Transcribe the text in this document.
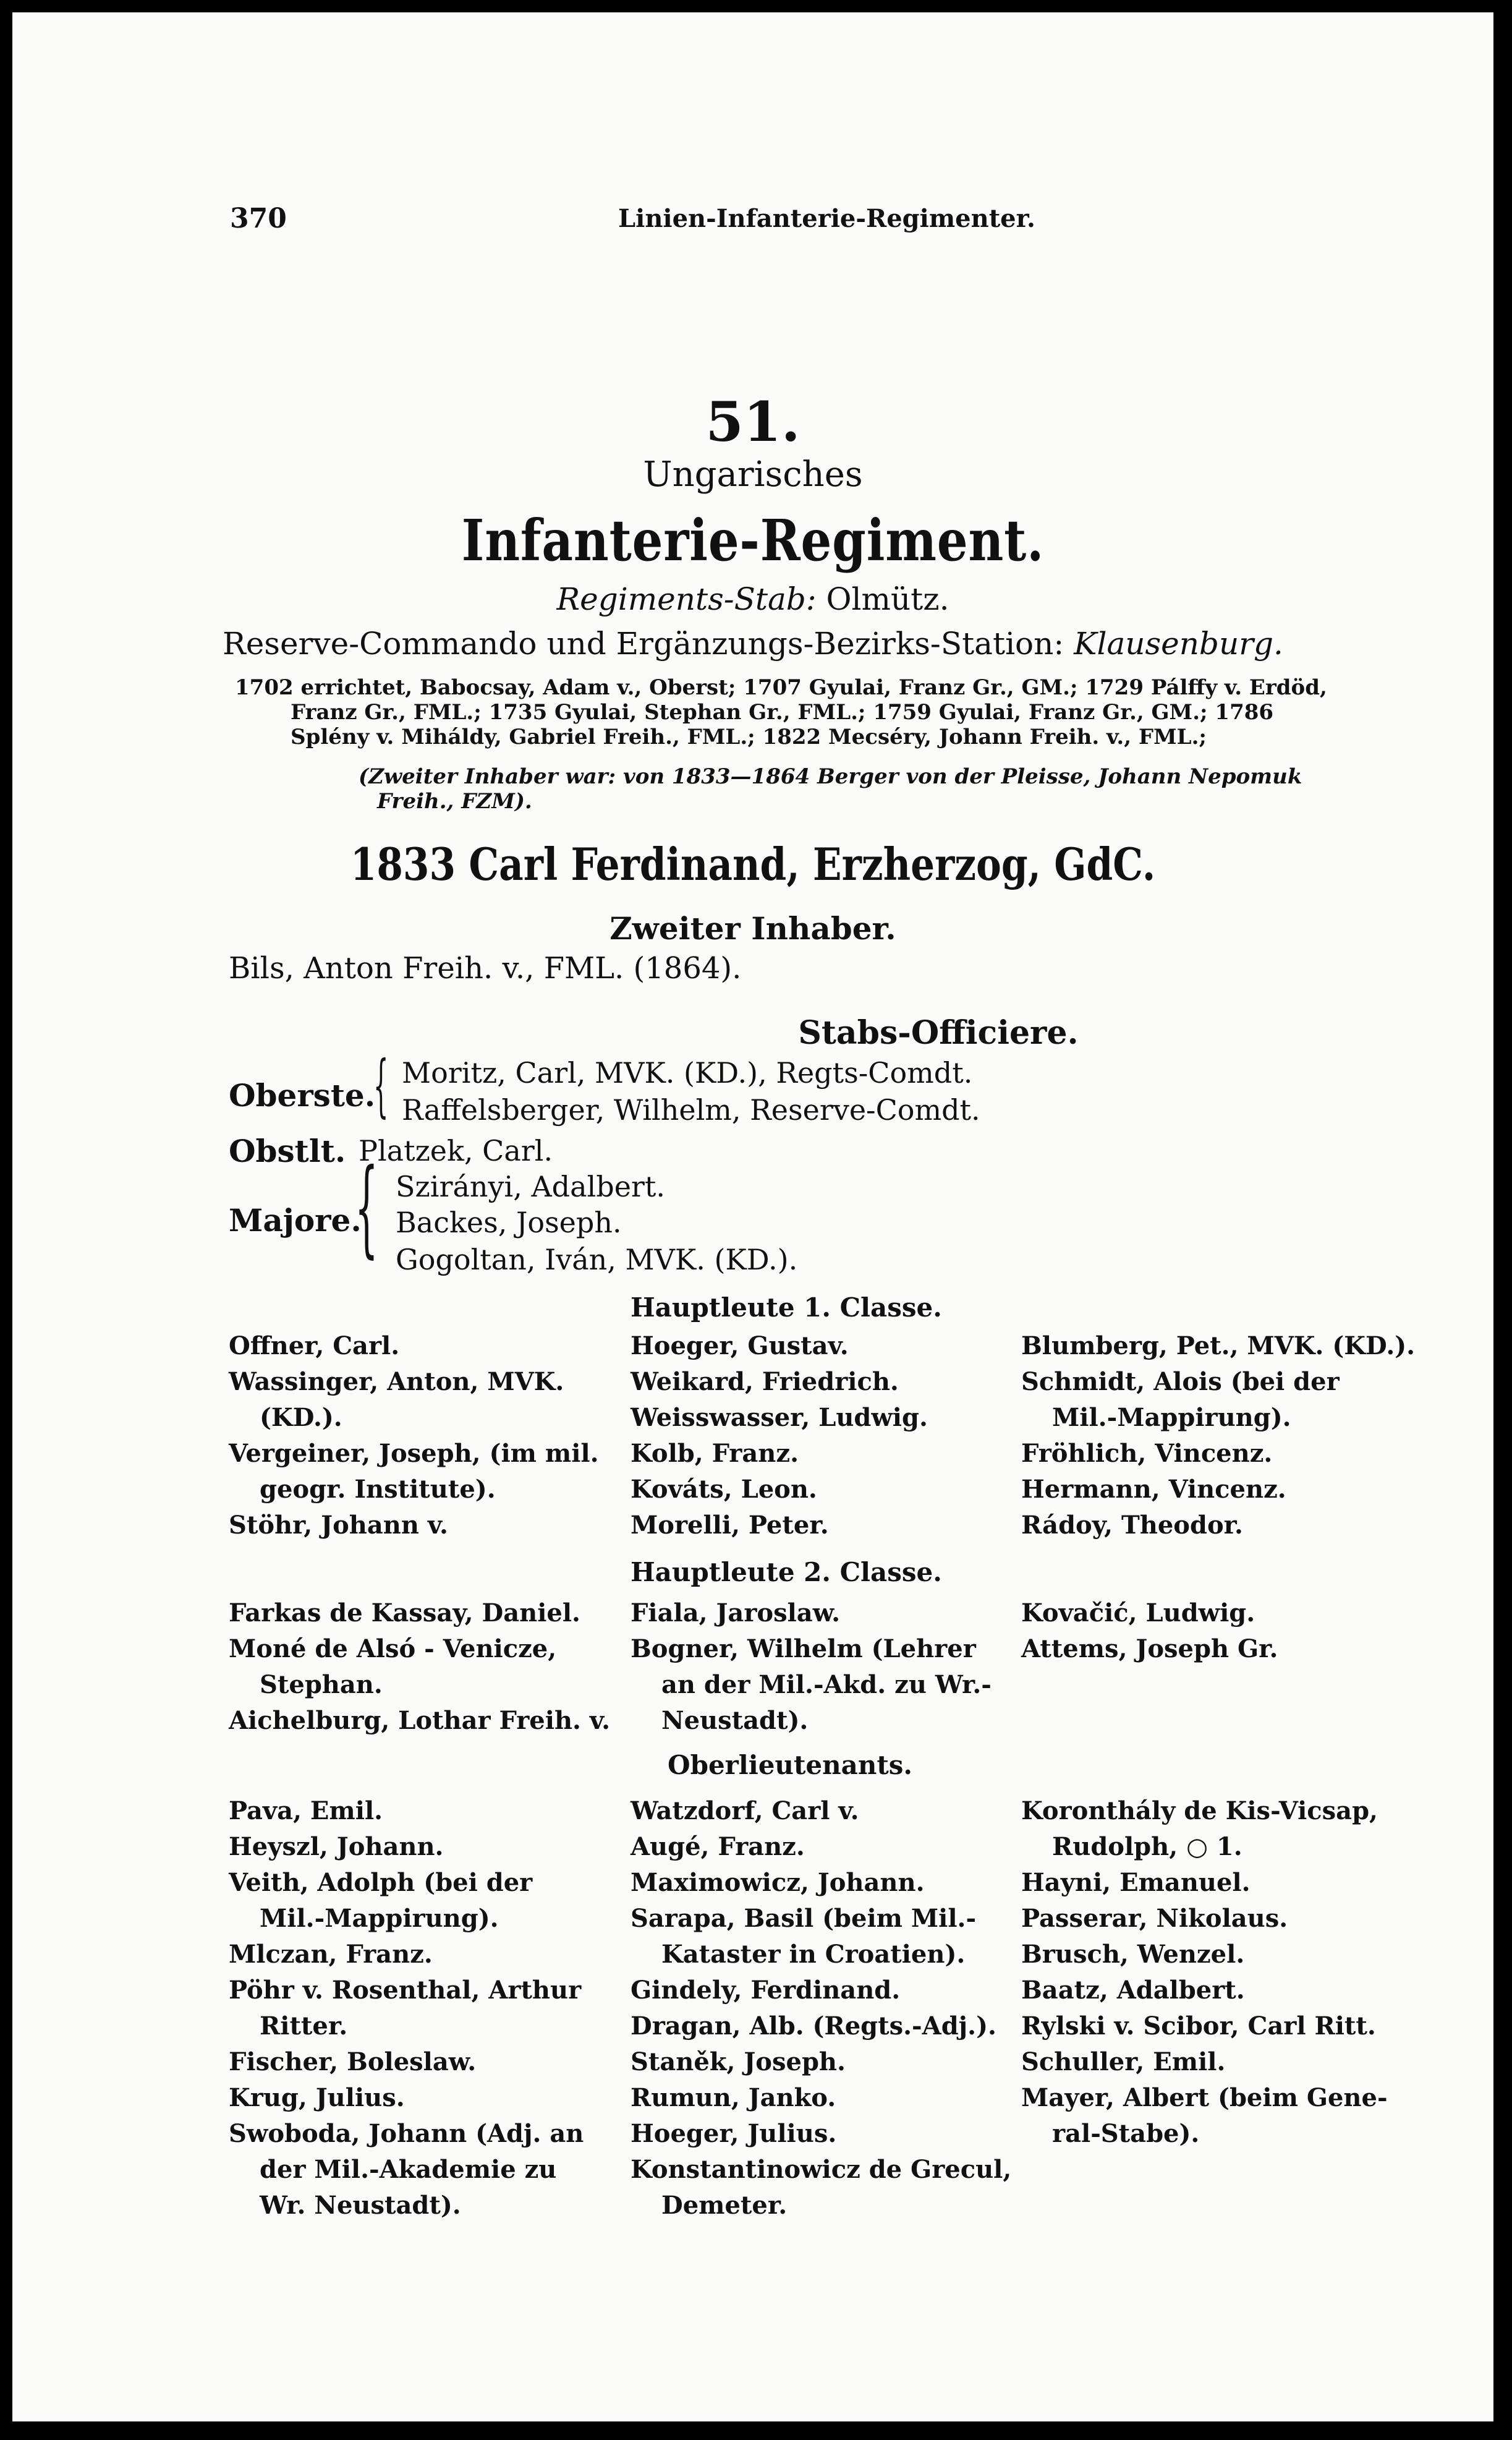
370	Linien-Infanterie-Regimenter.
51.
Ungarisches
Infanterie-Regiment.
Regiments-Stab: Olmütz.
Reserve-Commando und Ergänzungs-Bezirks-Station: Klausenburg.
1702 errichtet, Babocsay, Adam v., Oberst; 1707 Gyulai, Franz Gr., GM.; 1729 Pálffy v. Erdöd,
Franz Gr., FML.; 1735 Gyulai, Stephan Gr., FML.; 1759 Gyulai, Franz Gr., GM.; 1786
Splény v. Miháldy, Gabriel Freih., FML.; 1822 Mecséry, Johann Freih. v., FML.;
(Zweiter Inhaber war: von 1833—1864 Berger von der Pleisse, Johann Nepomuk
Freih., FZM).
1833 Carl Ferdinand, Erzherzog, GdC.
Zweiter Inhaber.
Bils, Anton Freih. v., FML. (1864).
Stabs-Officiere.
Oberste.
{ Moritz, Carl, MVK. (KD.), Regts-Comdt.
Raffelsberger, Wilhelm, Reserve-Comdt.
Obstlt. Platzek, Carl.
Majore.
{ Szirányi, Adalbert.
Backes, Joseph.
Gogoltan, Iván, MVK. (KD.).
Hauptleute 1. Classe.
Offner, Carl.
Wassinger, Anton, MVK.
(KD.).
Vergeiner, Joseph, (im mil.
geogr. Institute).
Stöhr, Johann v.
Hoeger, Gustav.
Weikard, Friedrich.
Weisswasser, Ludwig.
Kolb, Franz.
Kováts, Leon.
Morelli, Peter.
Blumberg, Pet., MVK. (KD.).
Schmidt, Alois (bei der
Mil.-Mappirung).
Fröhlich, Vincenz.
Hermann, Vincenz.
Rádoy, Theodor.
Hauptleute 2. Classe.
Farkas de Kassay, Daniel.
Moné de Alsó - Venicze,
Stephan.
Aichelburg, Lothar Freih. v.
Fiala, Jaroslaw.
Bogner, Wilhelm (Lehrer
an der Mil.-Akd. zu Wr.-
Neustadt).
Kovačić, Ludwig.
Attems, Joseph Gr.
Oberlieutenants.
Pava, Emil.
Heyszl, Johann.
Veith, Adolph (bei der
Mil.-Mappirung).
Mlczan, Franz.
Pöhr v. Rosenthal, Arthur
Ritter.
Fischer, Boleslaw.
Krug, Julius.
Swoboda, Johann (Adj. an
der Mil.-Akademie zu
Wr. Neustadt).
Watzdorf, Carl v.
Augé, Franz.
Maximowicz, Johann.
Sarapa, Basil (beim Mil.-
Kataster in Croatien).
Gindely, Ferdinand.
Dragan, Alb. (Regts.-Adj.).
Staněk, Joseph.
Rumun, Janko.
Hoeger, Julius.
Konstantinowicz de Grecul,
Demeter.
Koronthály de Kis-Vicsap,
Rudolph, ○ 1.
Hayni, Emanuel.
Passerar, Nikolaus.
Brusch, Wenzel.
Baatz, Adalbert.
Rylski v. Scibor, Carl Ritt.
Schuller, Emil.
Mayer, Albert (beim Gene-
ral-Stabe).
